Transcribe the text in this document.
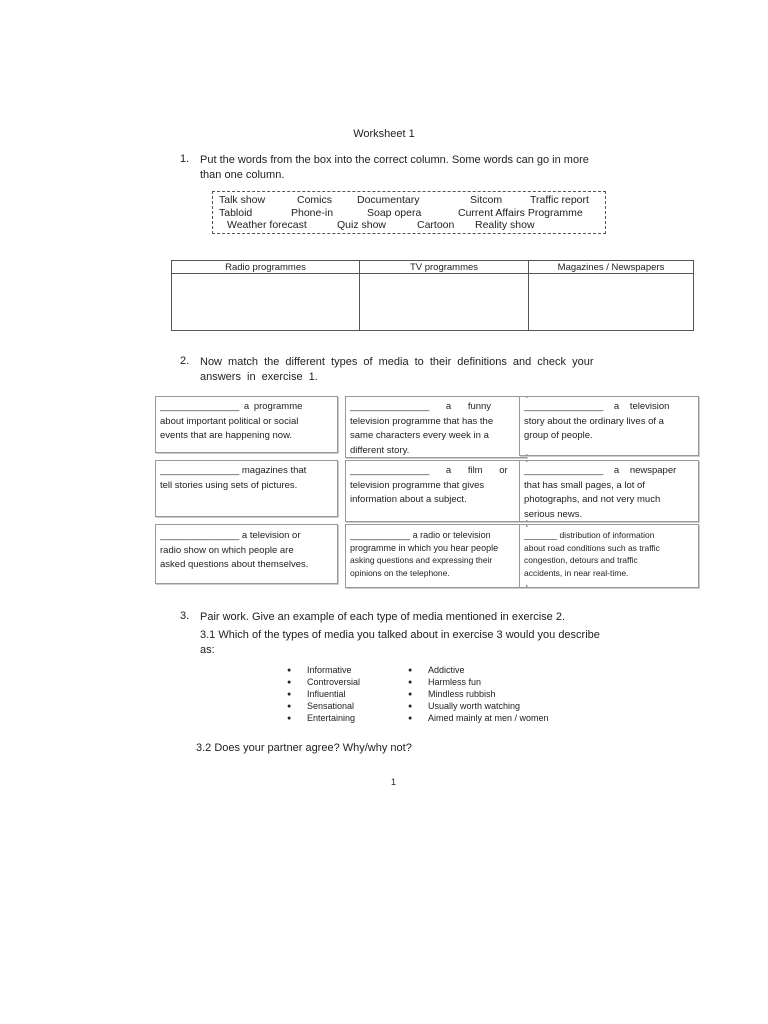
Worksheet 1
1. Put the words from the box into the correct column. Some words can go in more
than one column.
Talk show	Comics Documentary	Sitcom	Traffic report
Tabloid	Phone-in	Soap opera	Current Affairs Programme
Weather forecast	Quiz show	Cartoon Reality show
Radio programmes	TV programmes	Magazines / Newspapers

2. Now match the different types of media to their definitions and check your
answers in exercise 1.
_______________ a programme
about important political or social
events that are happening now.
_______________ a funny
television programme that has the
same characters every week in a
different story.
_______________ a television
story about the ordinary lives of a
group of people.
_______________ magazines that
tell stories using sets of pictures.
_______________ a film or
television programme that gives
information about a subject.
_______________ a newspaper
that has small pages, a lot of
photographs, and not very much
serious news.
_______________ a television or
radio show on which people are
asked questions about themselves.
____________ a radio or television
programme in which you hear people
asking questions and expressing their
opinions on the telephone.
_______ distribution of information
about road conditions such as traffic
congestion, detours and traffic
accidents, in near real-time.
3. Pair work. Give an example of each type of media mentioned in exercise 2.
3.1 Which of the types of media you talked about in exercise 3 would you describe
as:
● Informative
● Controversial
● Influential
● Sensational
● Entertaining
● Addictive
● Harmless fun
● Mindless rubbish
● Usually worth watching
● Aimed mainly at men / women
3.2 Does your partner agree? Why/why not?
1
